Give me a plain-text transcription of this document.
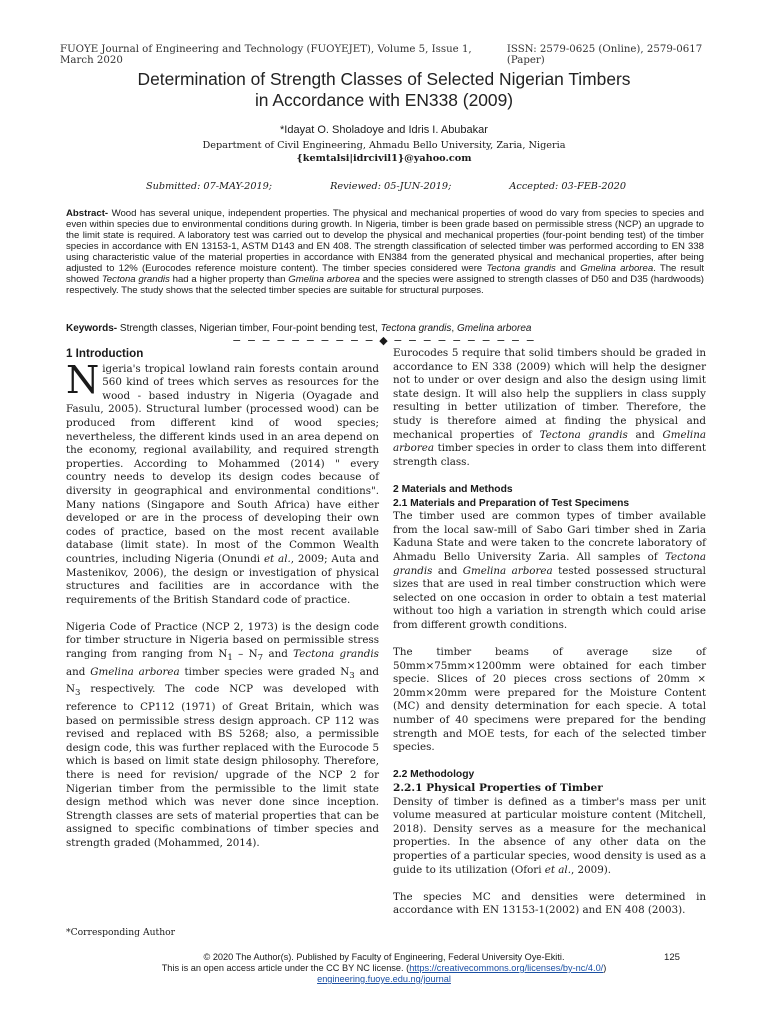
FUOYE Journal of Engineering and Technology (FUOYEJET), Volume 5, Issue 1, March 2020
ISSN: 2579-0625 (Online), 2579-0617 (Paper)
Determination of Strength Classes of Selected Nigerian Timbers
in Accordance with EN338 (2009)
*Idayat O. Sholadoye and Idris I. Abubakar
Department of Civil Engineering, Ahmadu Bello University, Zaria, Nigeria
{kemtalsi|idrcivil1}@yahoo.com
Submitted: 07-MAY-2019;	Reviewed: 05-JUN-2019;	Accepted: 03-FEB-2020
Abstract- Wood has several unique, independent properties. The physical and mechanical properties of wood do vary from species to species and even within species due to environmental conditions during growth. In Nigeria, timber is been grade based on permissible stress (NCP) an upgrade to the limit state is required. A laboratory test was carried out to develop the physical and mechanical properties (four-point bending test) of the timber species in accordance with EN 13153-1, ASTM D143 and EN 408. The strength classification of selected timber was performed according to EN 338 using characteristic value of the material properties in accordance with EN384 from the generated physical and mechanical properties, after being adjusted to 12% (Eurocodes reference moisture content). The timber species considered were Tectona grandis and Gmelina arborea. The result showed Tectona grandis had a higher property than Gmelina arborea and the species were assigned to strength classes of D50 and D35 (hardwoods) respectively. The study shows that the selected timber species are suitable for structural purposes.
Keywords- Strength classes, Nigerian timber, Four-point bending test, Tectona grandis, Gmelina arborea
− − − − − − − − − − ◆ − − − − − − − − − −
1 Introduction

Nigeria's tropical lowland rain forests contain around 560 kind of trees which serves as resources for the wood - based industry in Nigeria (Oyagade and Fasulu, 2005). Structural lumber (processed wood) can be produced from different kind of wood species; nevertheless, the different kinds used in an area depend on the economy, regional availability, and required strength properties. According to Mohammed (2014) " every country needs to develop its design codes because of diversity in geographical and environmental conditions". Many nations (Singapore and South Africa) have either developed or are in the process of developing their own codes of practice, based on the most recent available database (limit state). In most of the Common Wealth countries, including Nigeria (Onundi et al., 2009; Auta and Mastenikov, 2006), the design or investigation of physical structures and facilities are in accordance with the requirements of the British Standard code of practice.

Nigeria Code of Practice (NCP 2, 1973) is the design code for timber structure in Nigeria based on permissible stress ranging from ranging from $N_1 - N_7$ and Tectona grandis and Gmelina arborea timber species were graded $N_3$ and $N_3$ respectively. The code NCP was developed with reference to CP112 (1971) of Great Britain, which was based on permissible stress design approach. CP 112 was revised and replaced with BS 5268; also, a permissible design code, this was further replaced with the Eurocode 5 which is based on limit state design philosophy. Therefore, there is need for revision/ upgrade of the NCP 2 for Nigerian timber from the permissible to the limit state design method which was never done since inception. Strength classes are sets of material properties that can be assigned to specific combinations of timber species and strength graded (Mohammed, 2014).

*Corresponding Author

Eurocodes 5 require that solid timbers should be graded in accordance to EN 338 (2009) which will help the designer not to under or over design and also the design using limit state design. It will also help the suppliers in class supply resulting in better utilization of timber. Therefore, the study is therefore aimed at finding the physical and mechanical properties of Tectona grandis and Gmelina arborea timber species in order to class them into different strength class.

2 Materials and Methods
2.1 Materials and Preparation of Test Specimens

The timber used are common types of timber available from the local saw-mill of Sabo Gari timber shed in Zaria Kaduna State and were taken to the concrete laboratory of Ahmadu Bello University Zaria. All samples of Tectona grandis and Gmelina arborea tested possessed structural sizes that are used in real timber construction which were selected on one occasion in order to obtain a test material without too high a variation in strength which could arise from different growth conditions.

The timber beams of average size of 50mm×75mm×1200mm were obtained for each timber specie. Slices of 20 pieces cross sections of 20mm × 20mm×20mm were prepared for the Moisture Content (MC) and density determination for each specie. A total number of 40 specimens were prepared for the bending strength and MOE tests, for each of the selected timber species.

2.2 Methodology
2.2.1 Physical Properties of Timber

Density of timber is defined as a timber's mass per unit volume measured at particular moisture content (Mitchell, 2018). Density serves as a measure for the mechanical properties. In the absence of any other data on the properties of a particular species, wood density is used as a guide to its utilization (Ofori et al., 2009).

The species MC and densities were determined in accordance with EN 13153-1(2002) and EN 408 (2003).

© 2020 The Author(s). Published by Faculty of Engineering, Federal University Oye-Ekiti.
This is an open access article under the CC BY NC license. (https://creativecommons.org/licenses/by-nc/4.0/)
engineering.fuoye.edu.ng/journal
125
